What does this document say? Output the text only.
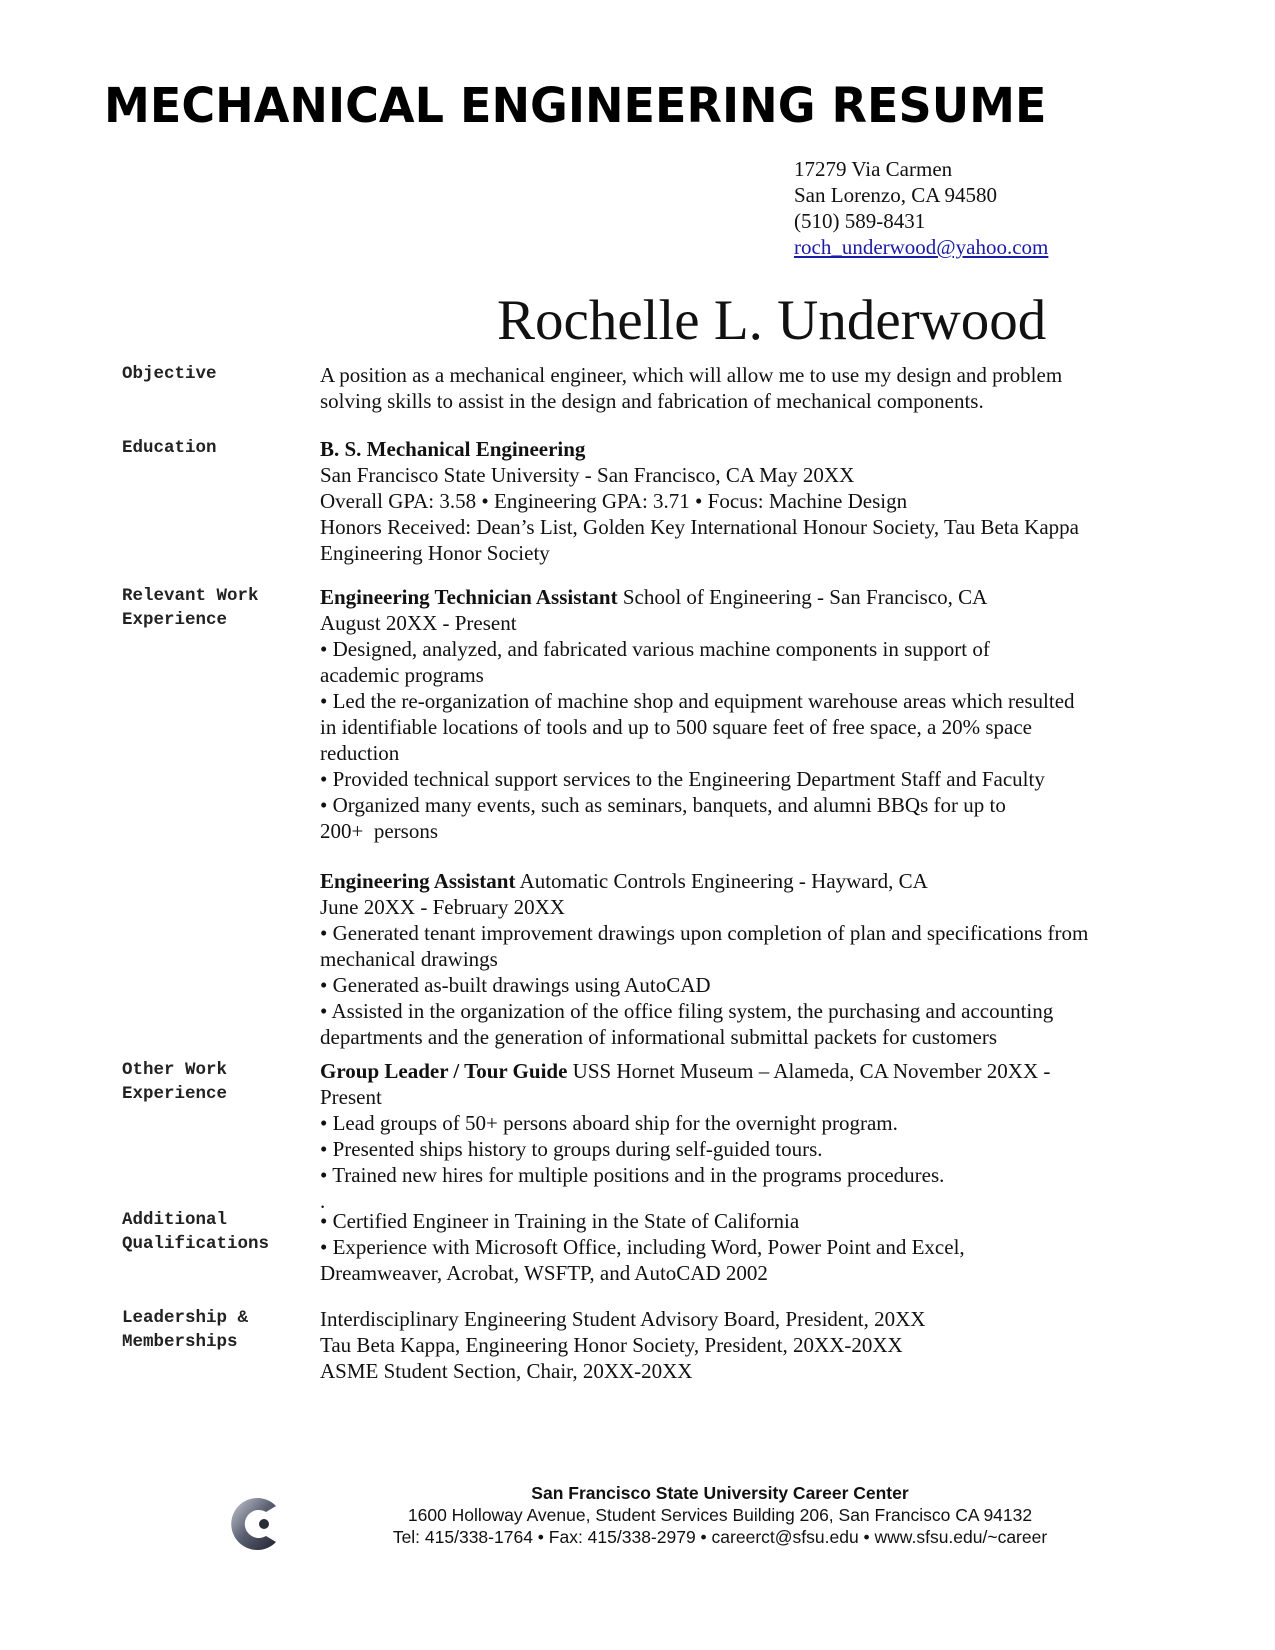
MECHANICAL ENGINEERING RESUME
17279 Via Carmen
San Lorenzo, CA 94580
(510) 589-8431
roch_underwood@yahoo.com
Rochelle L. Underwood
Objective	A position as a mechanical engineer, which will allow me to use my design and problem
solving skills to assist in the design and fabrication of mechanical components.
Education	B. S. Mechanical Engineering
San Francisco State University - San Francisco, CA May 20XX
Overall GPA: 3.58 • Engineering GPA: 3.71 • Focus: Machine Design
Honors Received: Dean’s List, Golden Key International Honour Society, Tau Beta Kappa
Engineering Honor Society
Relevant Work
Experience
Engineering Technician Assistant School of Engineering - San Francisco, CA
August 20XX - Present
• Designed, analyzed, and fabricated various machine components in support of
academic programs
• Led the re-organization of machine shop and equipment warehouse areas which resulted
in identifiable locations of tools and up to 500 square feet of free space, a 20% space
reduction
• Provided technical support services to the Engineering Department Staff and Faculty
• Organized many events, such as seminars, banquets, and alumni BBQs for up to
200+  persons
Engineering Assistant Automatic Controls Engineering - Hayward, CA
June 20XX - February 20XX
• Generated tenant improvement drawings upon completion of plan and specifications from
mechanical drawings
• Generated as-built drawings using AutoCAD
• Assisted in the organization of the office filing system, the purchasing and accounting
departments and the generation of informational submittal packets for customers
Other Work
Experience
Group Leader / Tour Guide USS Hornet Museum – Alameda, CA November 20XX -
Present
• Lead groups of 50+ persons aboard ship for the overnight program.
• Presented ships history to groups during self-guided tours.
• Trained new hires for multiple positions and in the programs procedures.
.
Additional
Qualifications
• Certified Engineer in Training in the State of California
• Experience with Microsoft Office, including Word, Power Point and Excel,
Dreamweaver, Acrobat, WSFTP, and AutoCAD 2002
Leadership &
Memberships
Interdisciplinary Engineering Student Advisory Board, President, 20XX
Tau Beta Kappa, Engineering Honor Society, President, 20XX-20XX
ASME Student Section, Chair, 20XX-20XX
San Francisco State University Career Center
1600 Holloway Avenue, Student Services Building 206, San Francisco CA 94132
Tel: 415/338-1764 • Fax: 415/338-2979 • careerct@sfsu.edu • www.sfsu.edu/~career
